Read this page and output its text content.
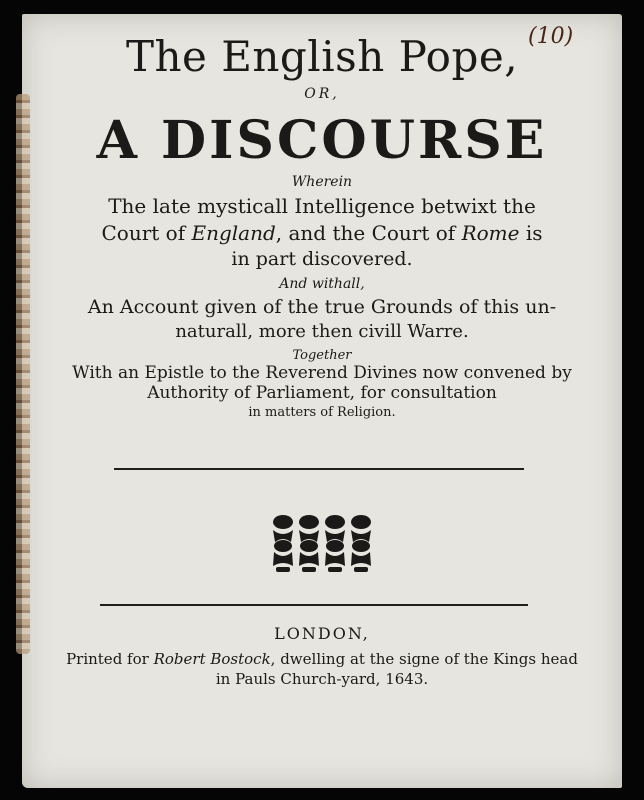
The English Pope, (10)
OR,
A DISCOURSE
Wherein
The late mysticall Intelligence betwixt the
Court of England, and the Court of Rome is
in part discovered.
And withall,
An Account given of the true Grounds of this un-
naturall, more then civill Warre.
Together
With an Epistle to the Reverend Divines now convened by
Authority of Parliament, for consultation
in matters of Religion.
LONDON,
Printed for Robert Bostock, dwelling at the signe of the Kings head
in Pauls Church-yard, 1643.
